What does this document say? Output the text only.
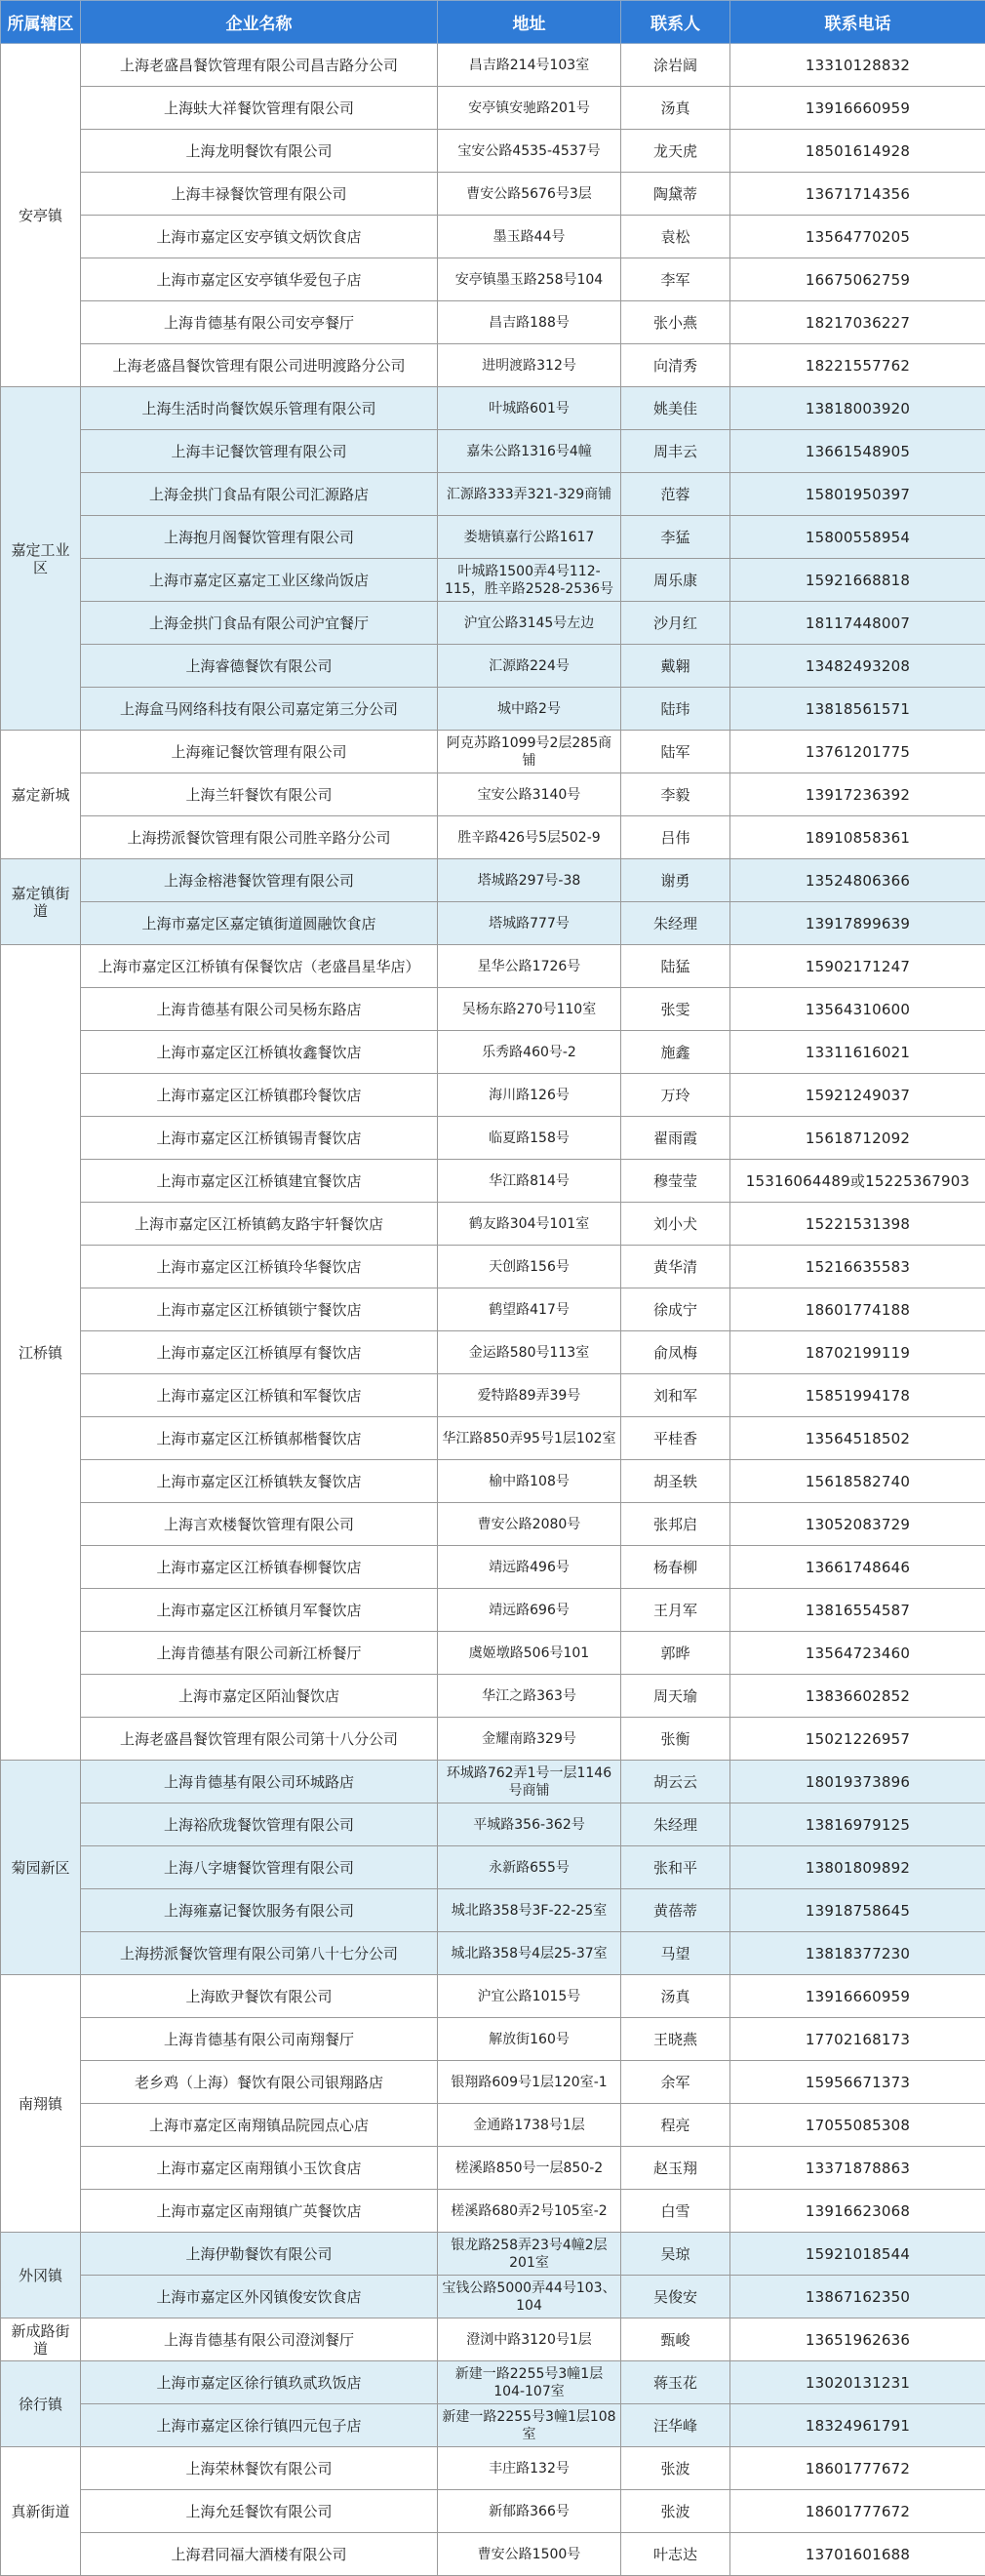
所属辖区	企业名称	地址	联系人	联系电话
安亭镇	上海老盛昌餐饮管理有限公司昌吉路分公司	昌吉路214号103室	涂岩阔	13310128832
	上海蚨大祥餐饮管理有限公司	安亭镇安驰路201号	汤真	13916660959
	上海龙明餐饮有限公司	宝安公路4535-4537号	龙天虎	18501614928
	上海丰禄餐饮管理有限公司	曹安公路5676号3层	陶黛蒂	13671714356
	上海市嘉定区安亭镇文炳饮食店	墨玉路44号	袁松	13564770205
	上海市嘉定区安亭镇华爱包子店	安亭镇墨玉路258号104	李军	16675062759
	上海肯德基有限公司安亭餐厅	昌吉路188号	张小燕	18217036227
	上海老盛昌餐饮管理有限公司进明渡路分公司	进明渡路312号	向清秀	18221557762
嘉定工业区	上海生活时尚餐饮娱乐管理有限公司	叶城路601号	姚美佳	13818003920
	上海丰记餐饮管理有限公司	嘉朱公路1316号4幢	周丰云	13661548905
	上海金拱门食品有限公司汇源路店	汇源路333弄321-329商铺	范蓉	15801950397
	上海抱月阁餐饮管理有限公司	娄塘镇嘉行公路1617	李猛	15800558954
	上海市嘉定区嘉定工业区缘尚饭店	叶城路1500弄4号112-115，胜辛路2528-2536号	周乐康	15921668818
	上海金拱门食品有限公司沪宜餐厅	沪宜公路3145号左边	沙月红	18117448007
	上海睿德餐饮有限公司	汇源路224号	戴翱	13482493208
	上海盒马网络科技有限公司嘉定第三分公司	城中路2号	陆玮	13818561571
嘉定新城	上海雍记餐饮管理有限公司	阿克苏路1099号2层285商铺	陆军	13761201775
	上海兰轩餐饮有限公司	宝安公路3140号	李毅	13917236392
	上海捞派餐饮管理有限公司胜辛路分公司	胜辛路426号5层502-9	吕伟	18910858361
嘉定镇街道	上海金榕港餐饮管理有限公司	塔城路297号-38	谢勇	13524806366
	上海市嘉定区嘉定镇街道圆融饮食店	塔城路777号	朱经理	13917899639
江桥镇	上海市嘉定区江桥镇有保餐饮店（老盛昌星华店）	星华公路1726号	陆猛	15902171247
	上海肯德基有限公司吴杨东路店	吴杨东路270号110室	张雯	13564310600
	上海市嘉定区江桥镇妆鑫餐饮店	乐秀路460号-2	施鑫	13311616021
	上海市嘉定区江桥镇郡玲餐饮店	海川路126号	万玲	15921249037
	上海市嘉定区江桥镇锡青餐饮店	临夏路158号	翟雨霞	15618712092
	上海市嘉定区江桥镇建宜餐饮店	华江路814号	穆莹莹	15316064489或15225367903
	上海市嘉定区江桥镇鹤友路宇轩餐饮店	鹤友路304号101室	刘小犬	15221531398
	上海市嘉定区江桥镇玲华餐饮店	天创路156号	黄华清	15216635583
	上海市嘉定区江桥镇锁宁餐饮店	鹤望路417号	徐成宁	18601774188
	上海市嘉定区江桥镇厚有餐饮店	金运路580号113室	俞凤梅	18702199119
	上海市嘉定区江桥镇和军餐饮店	爱特路89弄39号	刘和军	15851994178
	上海市嘉定区江桥镇郝楷餐饮店	华江路850弄95号1层102室	平桂香	13564518502
	上海市嘉定区江桥镇轶友餐饮店	榆中路108号	胡圣轶	15618582740
	上海言欢楼餐饮管理有限公司	曹安公路2080号	张邦启	13052083729
	上海市嘉定区江桥镇春柳餐饮店	靖远路496号	杨春柳	13661748646
	上海市嘉定区江桥镇月军餐饮店	靖远路696号	王月军	13816554587
	上海肯德基有限公司新江桥餐厅	虞姬墩路506号101	郭晔	13564723460
	上海市嘉定区陌汕餐饮店	华江之路363号	周天瑜	13836602852
	上海老盛昌餐饮管理有限公司第十八分公司	金耀南路329号	张衡	15021226957
菊园新区	上海肯德基有限公司环城路店	环城路762弄1号一层1146号商铺	胡云云	18019373896
	上海裕欣珑餐饮管理有限公司	平城路356-362号	朱经理	13816979125
	上海八字塘餐饮管理有限公司	永新路655号	张和平	13801809892
	上海雍嘉记餐饮服务有限公司	城北路358号3F-22-25室	黄蓓蒂	13918758645
	上海捞派餐饮管理有限公司第八十七分公司	城北路358号4层25-37室	马望	13818377230
南翔镇	上海欧尹餐饮有限公司	沪宜公路1015号	汤真	13916660959
	上海肯德基有限公司南翔餐厅	解放街160号	王晓燕	17702168173
	老乡鸡（上海）餐饮有限公司银翔路店	银翔路609号1层120室-1	余军	15956671373
	上海市嘉定区南翔镇品院园点心店	金通路1738号1层	程亮	17055085308
	上海市嘉定区南翔镇小玉饮食店	槎溪路850号一层850-2	赵玉翔	13371878863
	上海市嘉定区南翔镇广英餐饮店	槎溪路680弄2号105室-2	白雪	13916623068
外冈镇	上海伊勒餐饮有限公司	银龙路258弄23号4幢2层201室	吴琼	15921018544
	上海市嘉定区外冈镇俊安饮食店	宝钱公路5000弄44号103、104	吴俊安	13867162350
新成路街道	上海肯德基有限公司澄浏餐厅	澄浏中路3120号1层	甄峻	13651962636
徐行镇	上海市嘉定区徐行镇玖贰玖饭店	新建一路2255号3幢1层104-107室	蒋玉花	13020131231
	上海市嘉定区徐行镇四元包子店	新建一路2255号3幢1层108室	汪华峰	18324961791
真新街道	上海荣林餐饮有限公司	丰庄路132号	张波	18601777672
	上海允廷餐饮有限公司	新郁路366号	张波	18601777672
	上海君同福大酒楼有限公司	曹安公路1500号	叶志达	13701601688
